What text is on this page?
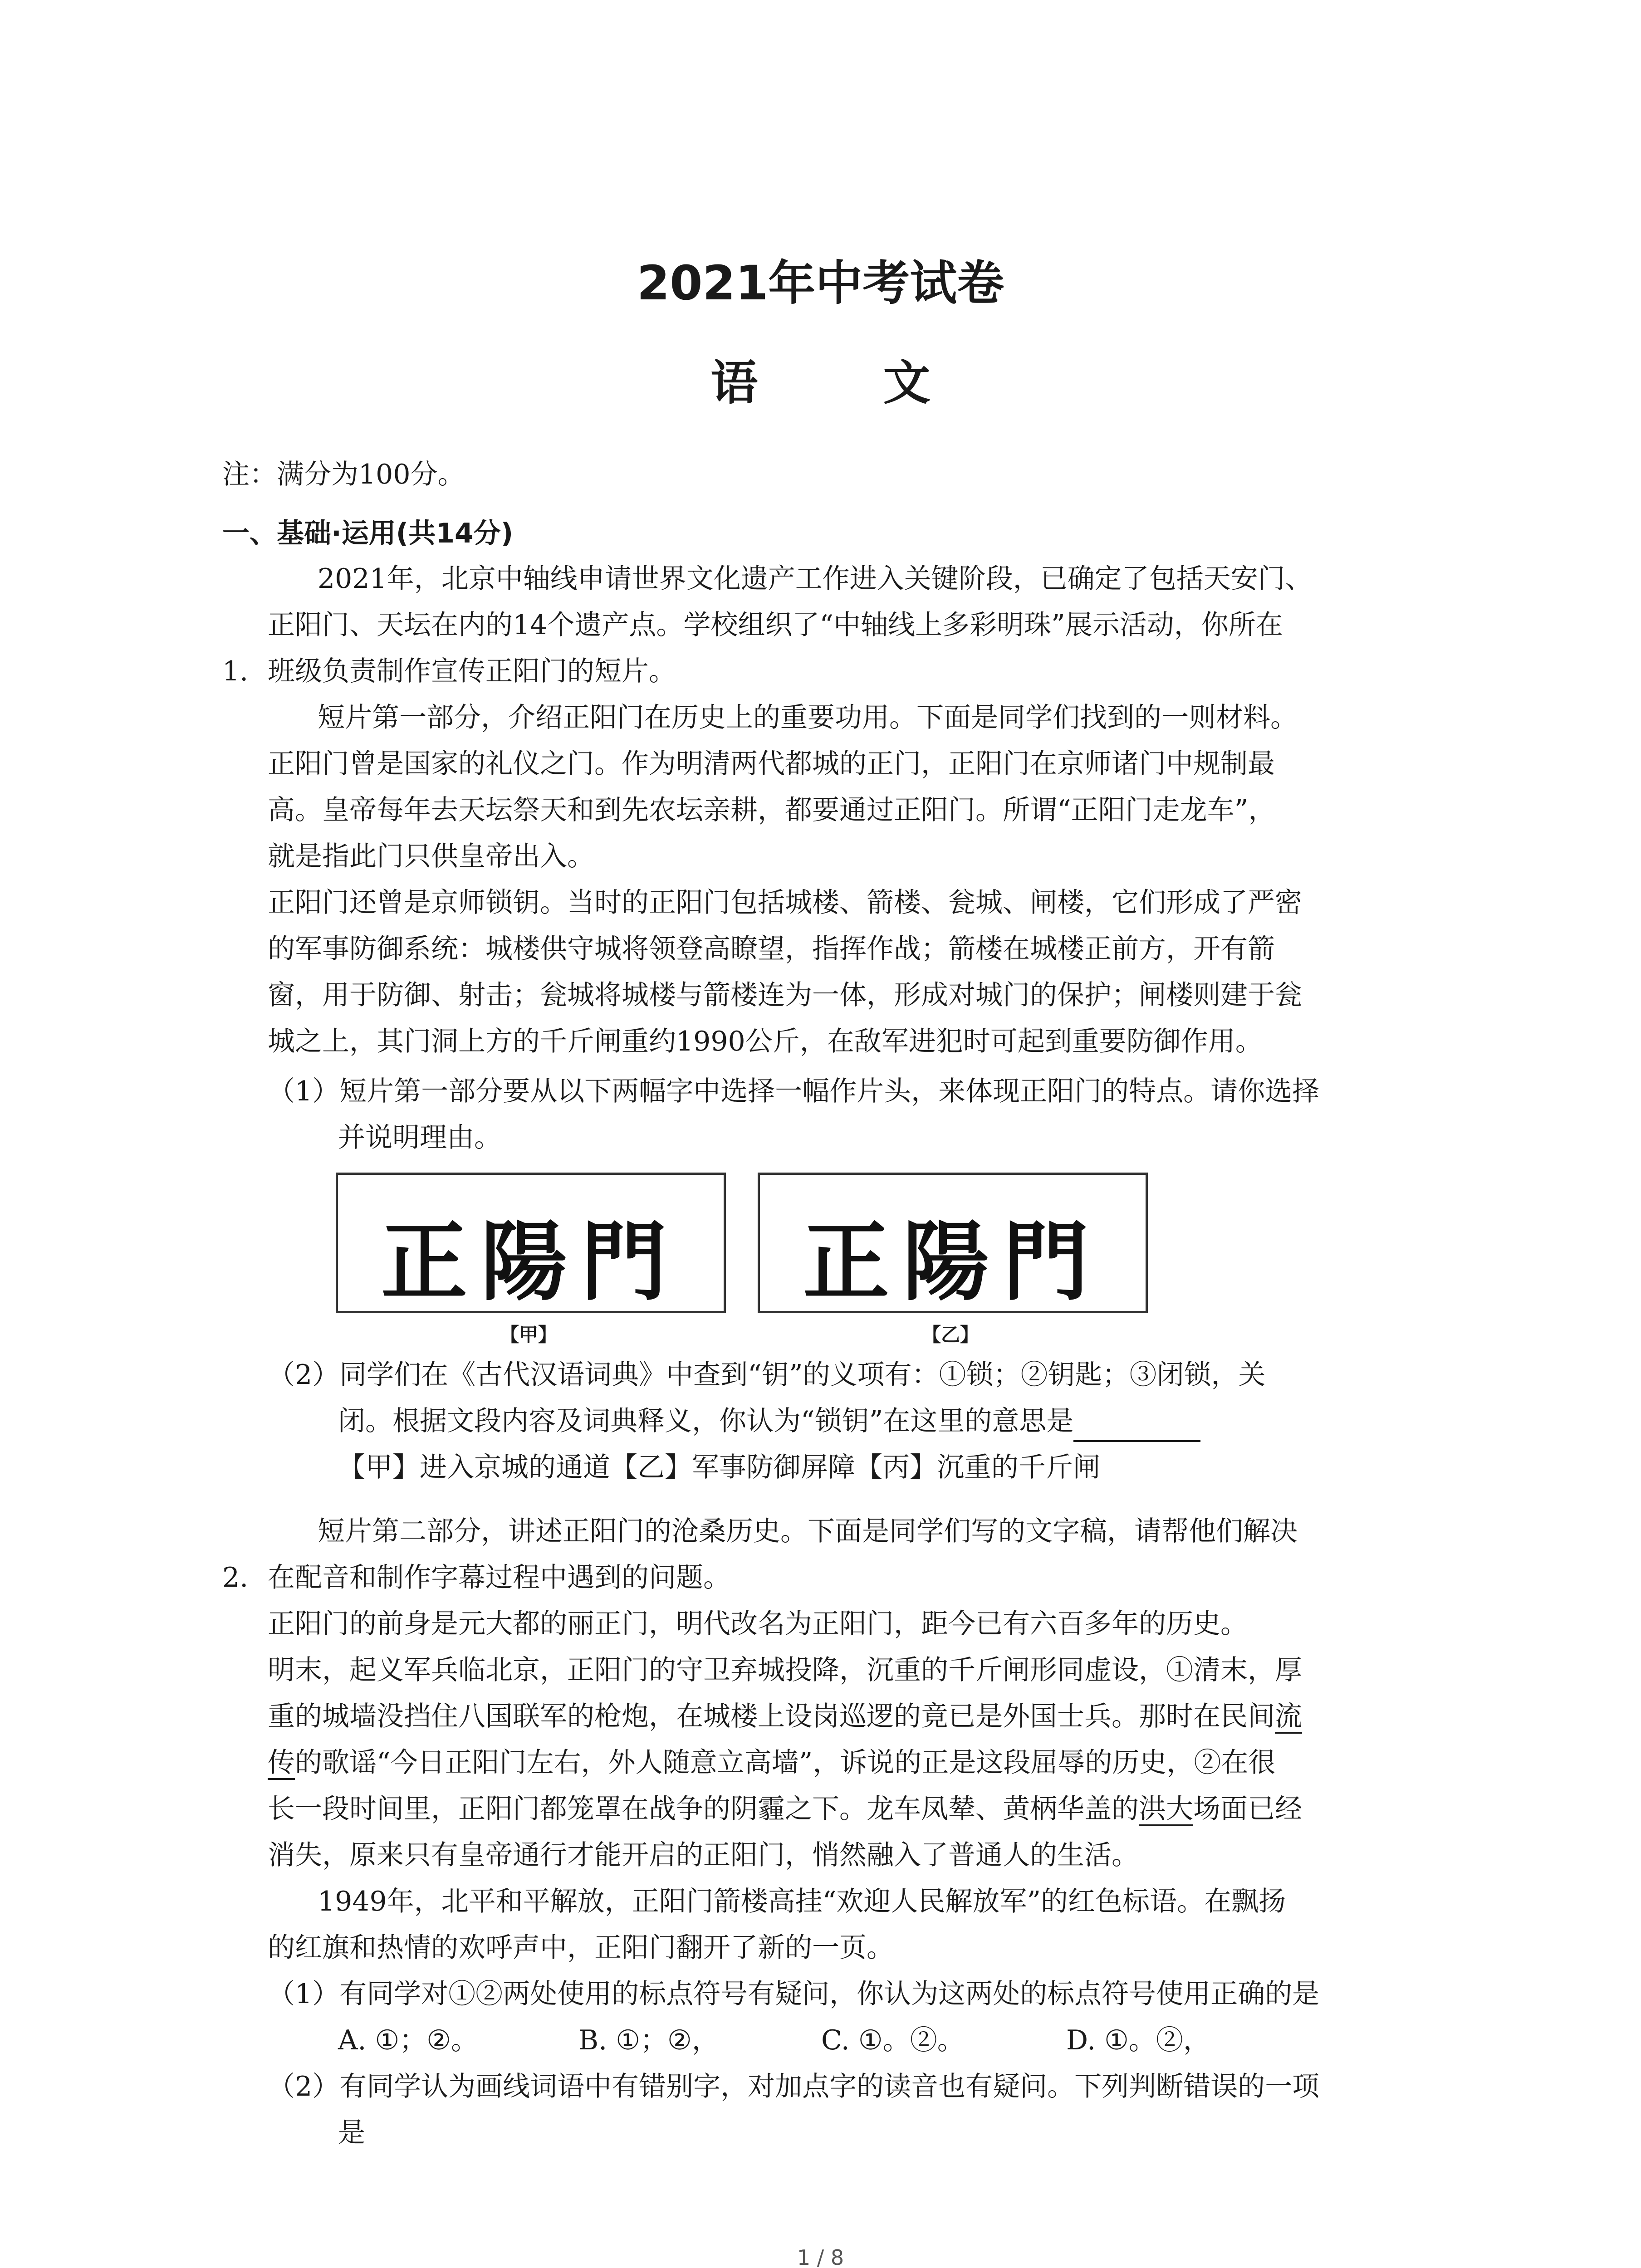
2021年中考试卷
语 文
注：满分为100分。
一、基础·运用(共14分)
2021年，北京中轴线申请世界文化遗产工作进入关键阶段，已确定了包括天安门、
正阳门、天坛在内的14个遗产点。学校组织了“中轴线上多彩明珠”展示活动，你所在
1. 班级负责制作宣传正阳门的短片。
短片第一部分，介绍正阳门在历史上的重要功用。下面是同学们找到的一则材料。
正阳门曾是国家的礼仪之门。作为明清两代都城的正门，正阳门在京师诸门中规制最
高。皇帝每年去天坛祭天和到先农坛亲耕，都要通过正阳门。所谓“正阳门走龙车”，
就是指此门只供皇帝出入。
正阳门还曾是京师锁钥。当时的正阳门包括城楼、箭楼、瓮城、闸楼，它们形成了严密
的军事防御系统：城楼供守城将领登高瞭望，指挥作战；箭楼在城楼正前方，开有箭
窗，用于防御、射击；瓮城将城楼与箭楼连为一体，形成对城门的保护；闸楼则建于瓮
城之上，其门洞上方的千斤闸重约1990公斤，在敌军进犯时可起到重要防御作用。
（1）短片第一部分要从以下两幅字中选择一幅作片头，来体现正阳门的特点。请你选择
并说明理由。
正陽門
【甲】
正陽門
【乙】
（2）同学们在《古代汉语词典》中查到“钥”的义项有：①锁；②钥匙；③闭锁，关
闭。根据文段内容及词典释义，你认为“锁钥”在这里的意思是
【甲】进入京城的通道【乙】军事防御屏障【丙】沉重的千斤闸
短片第二部分，讲述正阳门的沧桑历史。下面是同学们写的文字稿，请帮他们解决
2. 在配音和制作字幕过程中遇到的问题。
正阳门的前身是元大都的丽正门，明代改名为正阳门，距今已有六百多年的历史。
明末，起义军兵临北京，正阳门的守卫弃城投降，沉重的千斤闸形同虚设，①清末，厚
重的城墙没挡住八国联军的枪炮，在城楼上设岗巡逻的竟已是外国士兵。那时在民间流
传的歌谣“今日正阳门左右，外人随意立高墙”，诉说的正是这段屈辱的历史，②在很
长一段时间里，正阳门都笼罩在战争的阴霾之下。龙车凤辇、黄柄华盖的洪大场面已经
消失，原来只有皇帝通行才能开启的正阳门，悄然融入了普通人的生活。
1949年，北平和平解放，正阳门箭楼高挂“欢迎人民解放军”的红色标语。在飘扬
的红旗和热情的欢呼声中，正阳门翻开了新的一页。
（1）有同学对①②两处使用的标点符号有疑问，你认为这两处的标点符号使用正确的是
A. ①；②。	B. ①；②，	C. ①。②。	D. ①。②，
（2）有同学认为画线词语中有错别字，对加点字的读音也有疑问。下列判断错误的一项
是
1 / 8
